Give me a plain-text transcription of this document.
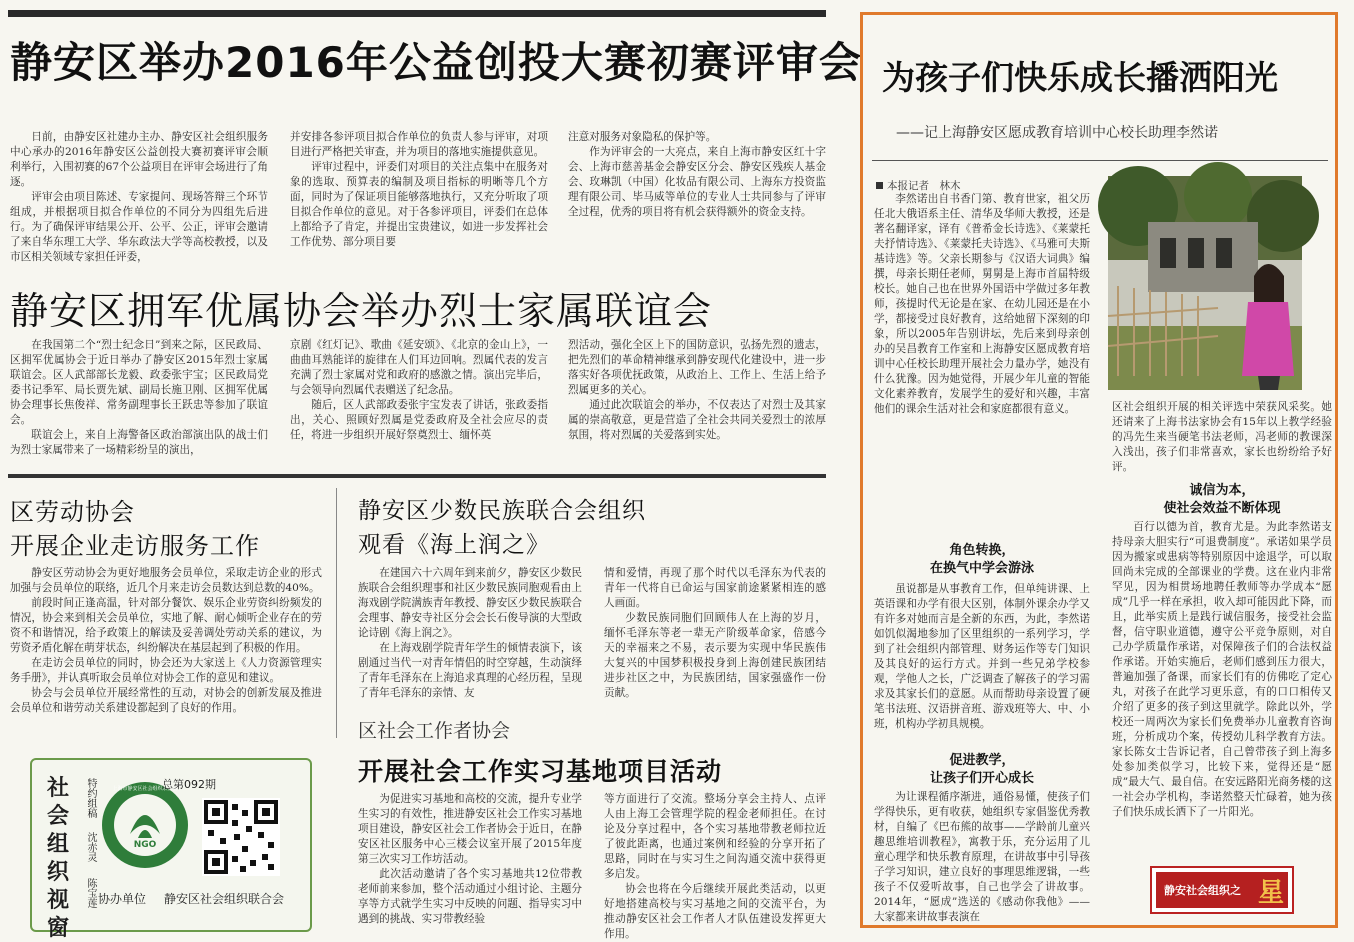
静安区举办2016年公益创投大赛初赛评审会

日前，由静安区社建办主办、静安区社会组织服务中心承办的2016年静安区公益创投大赛初赛评审会顺利举行，入围初赛的67个公益项目在评审会场进行了角逐。

评审会由项目陈述、专家提问、现场答辩三个环节组成，并根据项目拟合作单位的不同分为四组先后进行。为了确保评审结果公开、公平、公正，评审会邀请了来自华东理工大学、华东政法大学等高校教授，以及市区相关领域专家担任评委，

并安排各参评项目拟合作单位的负责人参与评审，对项目进行严格把关审查，并为项目的落地实施提供意见。

评审过程中，评委们对项目的关注点集中在服务对象的选取、预算表的编制及项目指标的明晰等几个方面，同时为了保证项目能够落地执行，又充分听取了项目拟合作单位的意见。对于各参评项目，评委们在总体上都给予了肯定，并提出宝贵建议，如进一步发挥社会工作优势、部分项目要

注意对服务对象隐私的保护等。

作为评审会的一大亮点，来自上海市静安区红十字会、上海市慈善基金会静安区分会、静安区残疾人基金会、玫琳凯（中国）化妆品有限公司、上海东方投资监理有限公司、毕马威等单位的专业人士共同参与了评审全过程，优秀的项目将有机会获得额外的资金支持。

静安区拥军优属协会举办烈士家属联谊会

在我国第二个“烈士纪念日”到来之际，区民政局、区拥军优属协会于近日举办了静安区2015年烈士家属联谊会。区人武部部长龙毅、政委张宇宝；区民政局党委书记季军、局长贾先斌、副局长施卫刚、区拥军优属协会理事长焦俊祥、常务副理事长王跃忠等参加了联谊会。

联谊会上，来自上海警备区政治部演出队的战士们为烈士家属带来了一场精彩纷呈的演出，

京剧《红灯记》、歌曲《延安颂》、《北京的金山上》，一曲曲耳熟能详的旋律在人们耳边回响。烈属代表的发言充满了烈士家属对党和政府的感激之情。演出完毕后，与会领导向烈属代表赠送了纪念品。

随后，区人武部政委张宇宝发表了讲话，张政委指出，关心、照顾好烈属是党委政府及全社会应尽的责任，将进一步组织开展好祭奠烈士、缅怀英

烈活动，强化全区上下的国防意识，弘扬先烈的遗志，把先烈们的革命精神继承到静安现代化建设中，进一步落实好各项优抚政策，从政治上、工作上、生活上给予烈属更多的关心。

通过此次联谊会的举办，不仅表达了对烈士及其家属的崇高敬意，更是营造了全社会共同关爱烈士的浓厚氛围，将对烈属的关爱落到实处。

区劳动协会
开展企业走访服务工作

静安区劳动协会为更好地服务会员单位，采取走访企业的形式加强与会员单位的联络，近几个月来走访会员数达到总数的40%。

前段时间正逢高温，针对部分餐饮、娱乐企业劳资纠纷频发的情况，协会来到相关会员单位，实地了解、耐心倾听企业存在的劳资不和谐情况，给予政策上的解读及妥善调处劳动关系的建议，为劳资矛盾化解在萌芽状态，纠纷解决在基层起到了积极的作用。

在走访会员单位的同时，协会还为大家送上《人力资源管理实务手册》，并认真听取会员单位对协会工作的意见和建议。

协会与会员单位开展经常性的互动，对协会的创新发展及推进会员单位和谐劳动关系建设都起到了良好的作用。

静安区少数民族联合会组织
观看《海上润之》

在建国六十六周年到来前夕，静安区少数民族联合会组织理事和社区少数民族同胞观看由上海戏剧学院满族青年教授、静安区少数民族联合会理事、静安寺社区分会会长石俊导演的大型政论诗剧《海上润之》。

在上海戏剧学院青年学生的倾情表演下，该剧通过当代一对青年情侣的时空穿越，生动演绎了青年毛泽东在上海追求真理的心经历程，呈现了青年毛泽东的亲情、友

情和爱情，再现了那个时代以毛泽东为代表的青年一代将自已命运与国家前途紧紧相连的感人画面。

少数民族同胞们回顾伟人在上海的岁月，缅怀毛泽东等老一辈无产阶级革命家，倍感今天的幸福来之不易，表示要为实现中华民族伟大复兴的中国梦积极投身到上海创建民族团结进步社区之中，为民族团结，国家强盛作一份贡献。

区社会工作者协会
开展社会工作实习基地项目活动

为促进实习基地和高校的交流，提升专业学生实习的有效性，推进静安区社会工作实习基地项目建设，静安区社会工作者协会于近日，在静安区社区服务中心三楼会议室开展了2015年度第三次实习工作坊活动。

此次活动邀请了各个实习基地共12位带教老师前来参加，整个活动通过小组讨论、主题分享等方式就学生实习中反映的问题、指导实习中遇到的挑战、实习带教经验

等方面进行了交流。整场分享会主持人、点评人由上海工会管理学院的程金老师担任。在讨论及分享过程中，各个实习基地带教老师拉近了彼此距离，也通过案例和经验的分享开拓了思路，同时在与实习生之间沟通交流中获得更多启发。

协会也将在今后继续开展此类活动，以更好地搭建高校与实习基地之间的交流平台，为推动静安区社会工作者人才队伍建设发挥更大作用。

社会组织视窗
特约组稿
沈赤灵
陈宝莲
NGO
上海市静安区社会组织联合会
总第092期
协办单位 静安区社会组织联合会
为孩子们快乐成长播洒阳光
——记上海静安区愿成教育培训中心校长助理李然诺
本报记者　林木

李然诺出自书香门第、教育世家，祖父历任北大俄语系主任、清华及华师大教授，还是著名翻译家，译有《普希金长诗选》、《莱蒙托夫抒情诗选》、《莱蒙托夫诗选》、《马雅可夫斯基诗选》等。父亲长期参与《汉语大词典》编撰，母亲长期任老师，舅舅是上海市首届特级校长。她自己也在世界外国语中学做过多年教师，孩提时代无论是在家、在幼儿园还是在小学，都接受过良好教育，这给她留下深刻的印象，所以2005年告别讲坛，先后来到母亲创办的吴昌教育工作室和上海静安区愿成教育培训中心任校长助理开展社会力量办学，她没有什么犹豫。因为她觉得，开展少年儿童的智能文化素养教育，发展学生的爱好和兴趣，丰富他们的课余生活对社会和家庭都很有意义。	区社会组织开展的相关评选中荣获风采奖。她还请来了上海书法家协会有15年以上教学经验的冯先生来当硬笔书法老师，冯老师的教课深入浅出，孩子们非常喜欢，家长也纷纷给予好评。

角色转换，
在换气中学会游泳

虽说都是从事教育工作，但单纯讲课、上英语课和办学有很大区别，体制外课余办学又有许多对她而言是全新的东西，为此，李然诺如饥似渴地参加了区里组织的一系列学习，学到了社会组织内部管理、财务运作等专门知识及其良好的运行方式。并到一些兄弟学校参观，学他人之长，广泛调查了解孩子的学习需求及其家长们的意愿。从而帮助母亲设置了硬笔书法班、汉语拼音班、游戏班等大、中、小班，机构办学初具规模。

促进教学，
让孩子们开心成长

为让课程循序渐进，通俗易懂，使孩子们学得快乐，更有收获，她组织专家倡鉴优秀教材，自编了《巴布熊的故事——学龄前儿童兴趣思维培训教程》，寓教于乐，充分运用了儿童心理学和快乐教育原理，在讲故事中引导孩子学习知识，建立良好的事理思维逻辑，一些孩子不仅爱听故事，自己也学会了讲故事。2014年，“愿成”选送的《感动你我他》——大家都来讲故事表演在

诚信为本，
使社会效益不断体现

百行以德为首，教育尤是。为此李然诺支持母亲大胆实行“可退费制度”。承诺如果学员因为搬家或患病等特别原因中途退学，可以取回尚未完成的全部课业的学费。这在业内非常罕见，因为相贯场地聘任教师等办学成本“愿成”几乎一样在承担，收入却可能因此下降，而且，此举实质上是践行诚信服务，接受社会监督，信守职业道德，遵守公平竞争原则，对自己办学质量作承诺，对保障孩子们的合法权益作承诺。开始实施后，老师们感到压力很大，普遍加强了备课，而家长们有的仿佛吃了定心丸，对孩子在此学习更乐意，有的口口相传又介绍了更多的孩子到这里就学。除此以外，学校还一周两次为家长们免费举办儿童教育咨询班，分析成功个案，传授幼儿科学教育方法。家长陈女士告诉记者，自己曾带孩子到上海多处参加类似学习，比较下来，觉得还是“愿成”最大气、最自信。在安远路阳光商务楼的这一社会办学机构，李诺然整天忙碌着，她为孩子们快乐成长洒下了一片阳光。

静安社会组织之 星
